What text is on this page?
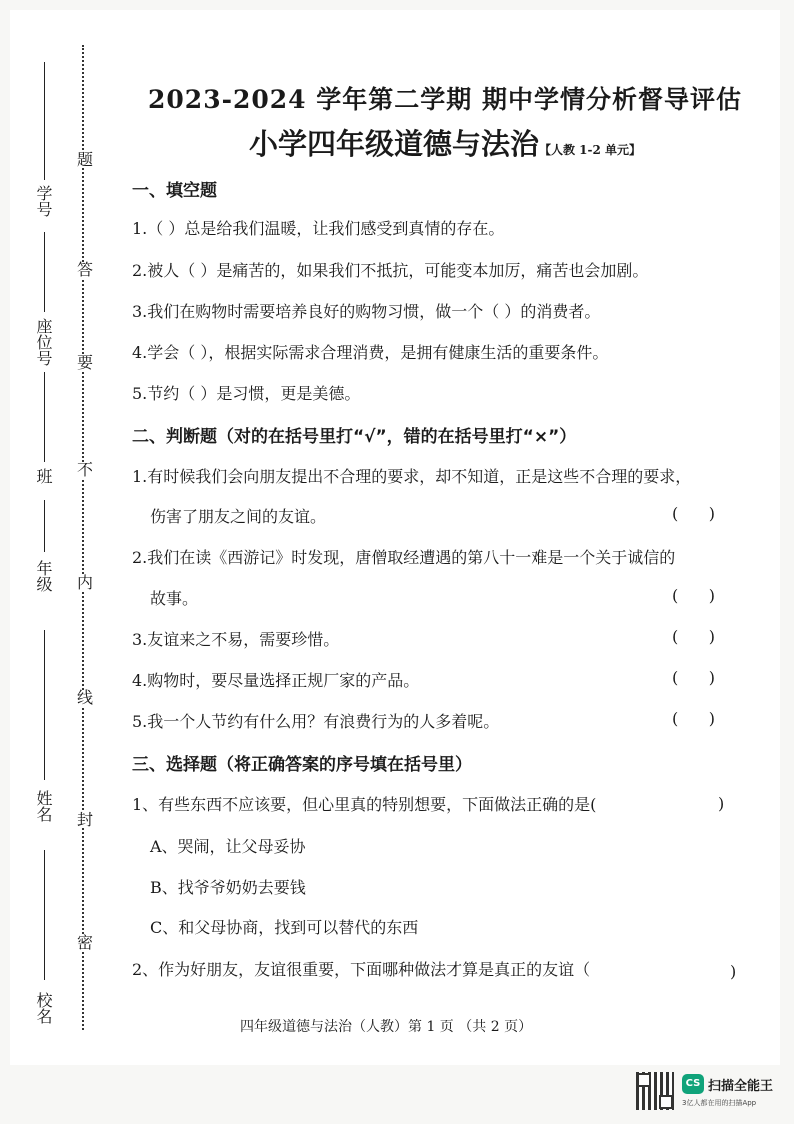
学号
座位号
班
年级
姓名
校名
题
答
要
不
内
线
封
密
2023-2024 学年第二学期 期中学情分析督导评估
小学四年级道德与法治【人教 1-2 单元】
一、填空题
1.（ ）总是给我们温暖，让我们感受到真情的存在。
2.被人（ ）是痛苦的，如果我们不抵抗，可能变本加厉，痛苦也会加剧。
3.我们在购物时需要培养良好的购物习惯，做一个（ ）的消费者。
4.学会（ ），根据实际需求合理消费，是拥有健康生活的重要条件。
5.节约（ ）是习惯，更是美德。
二、判断题（对的在括号里打“√”，错的在括号里打“×”）
1.有时候我们会向朋友提出不合理的要求，却不知道，正是这些不合理的要求，
伤害了朋友之间的友谊。	(      )
2.我们在读《西游记》时发现，唐僧取经遭遇的第八十一难是一个关于诚信的
故事。	(      )
3.友谊来之不易，需要珍惜。	(      )
4.购物时，要尽量选择正规厂家的产品。	(      )
5.我一个人节约有什么用？有浪费行为的人多着呢。	(      )
三、选择题（将正确答案的序号填在括号里）
1、有些东西不应该要，但心里真的特别想要，下面做法正确的是(	)
A、哭闹，让父母妥协
B、找爷爷奶奶去要钱
C、和父母协商，找到可以替代的东西
2、作为好朋友，友谊很重要，下面哪种做法才算是真正的友谊（	)
四年级道德与法治（人教）第 1 页 （共 2 页）
CS 扫描全能王
3亿人都在用的扫描App
